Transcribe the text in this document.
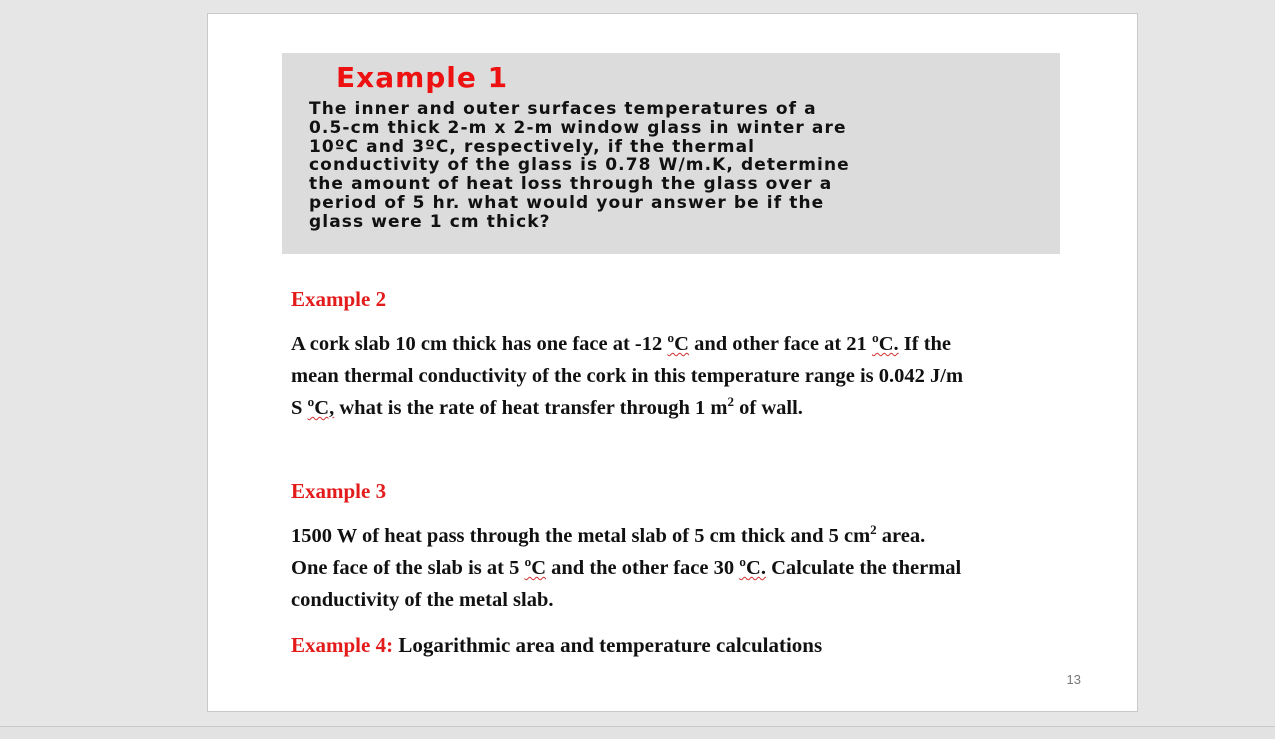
Example 1
The inner and outer surfaces temperatures of a
0.5-cm thick 2-m x 2-m window glass in winter are
10ºC and 3ºC, respectively, if the thermal
conductivity of the glass is 0.78 W/m.K, determine
the amount of heat loss through the glass over a
period of 5 hr. what would your answer be if the
glass were 1 cm thick?
Example 2
A cork slab 10 cm thick has one face at -12 ºC and other face at 21 ºC. If the
mean thermal conductivity of the cork in this temperature range is 0.042 J/m
S ºC, what is the rate of heat transfer through 1 $m^2$ of wall.
Example 3
1500 W of heat pass through the metal slab of 5 cm thick and 5 $cm^2$ area.
One face of the slab is at 5 ºC and the other face 30 ºC. Calculate the thermal
conductivity of the metal slab.
Example 4: Logarithmic area and temperature calculations
13
